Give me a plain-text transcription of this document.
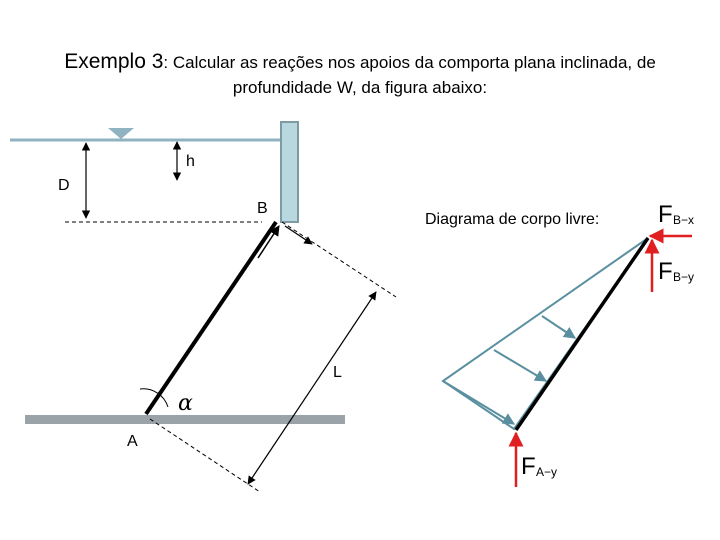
Exemplo 3: Calcular as reações nos apoios da comporta plana inclinada, de
profundidade W, da figura abaixo:
h
D
B
L
A
α
Diagrama de corpo livre: F B−x
F B−y
F A−y
